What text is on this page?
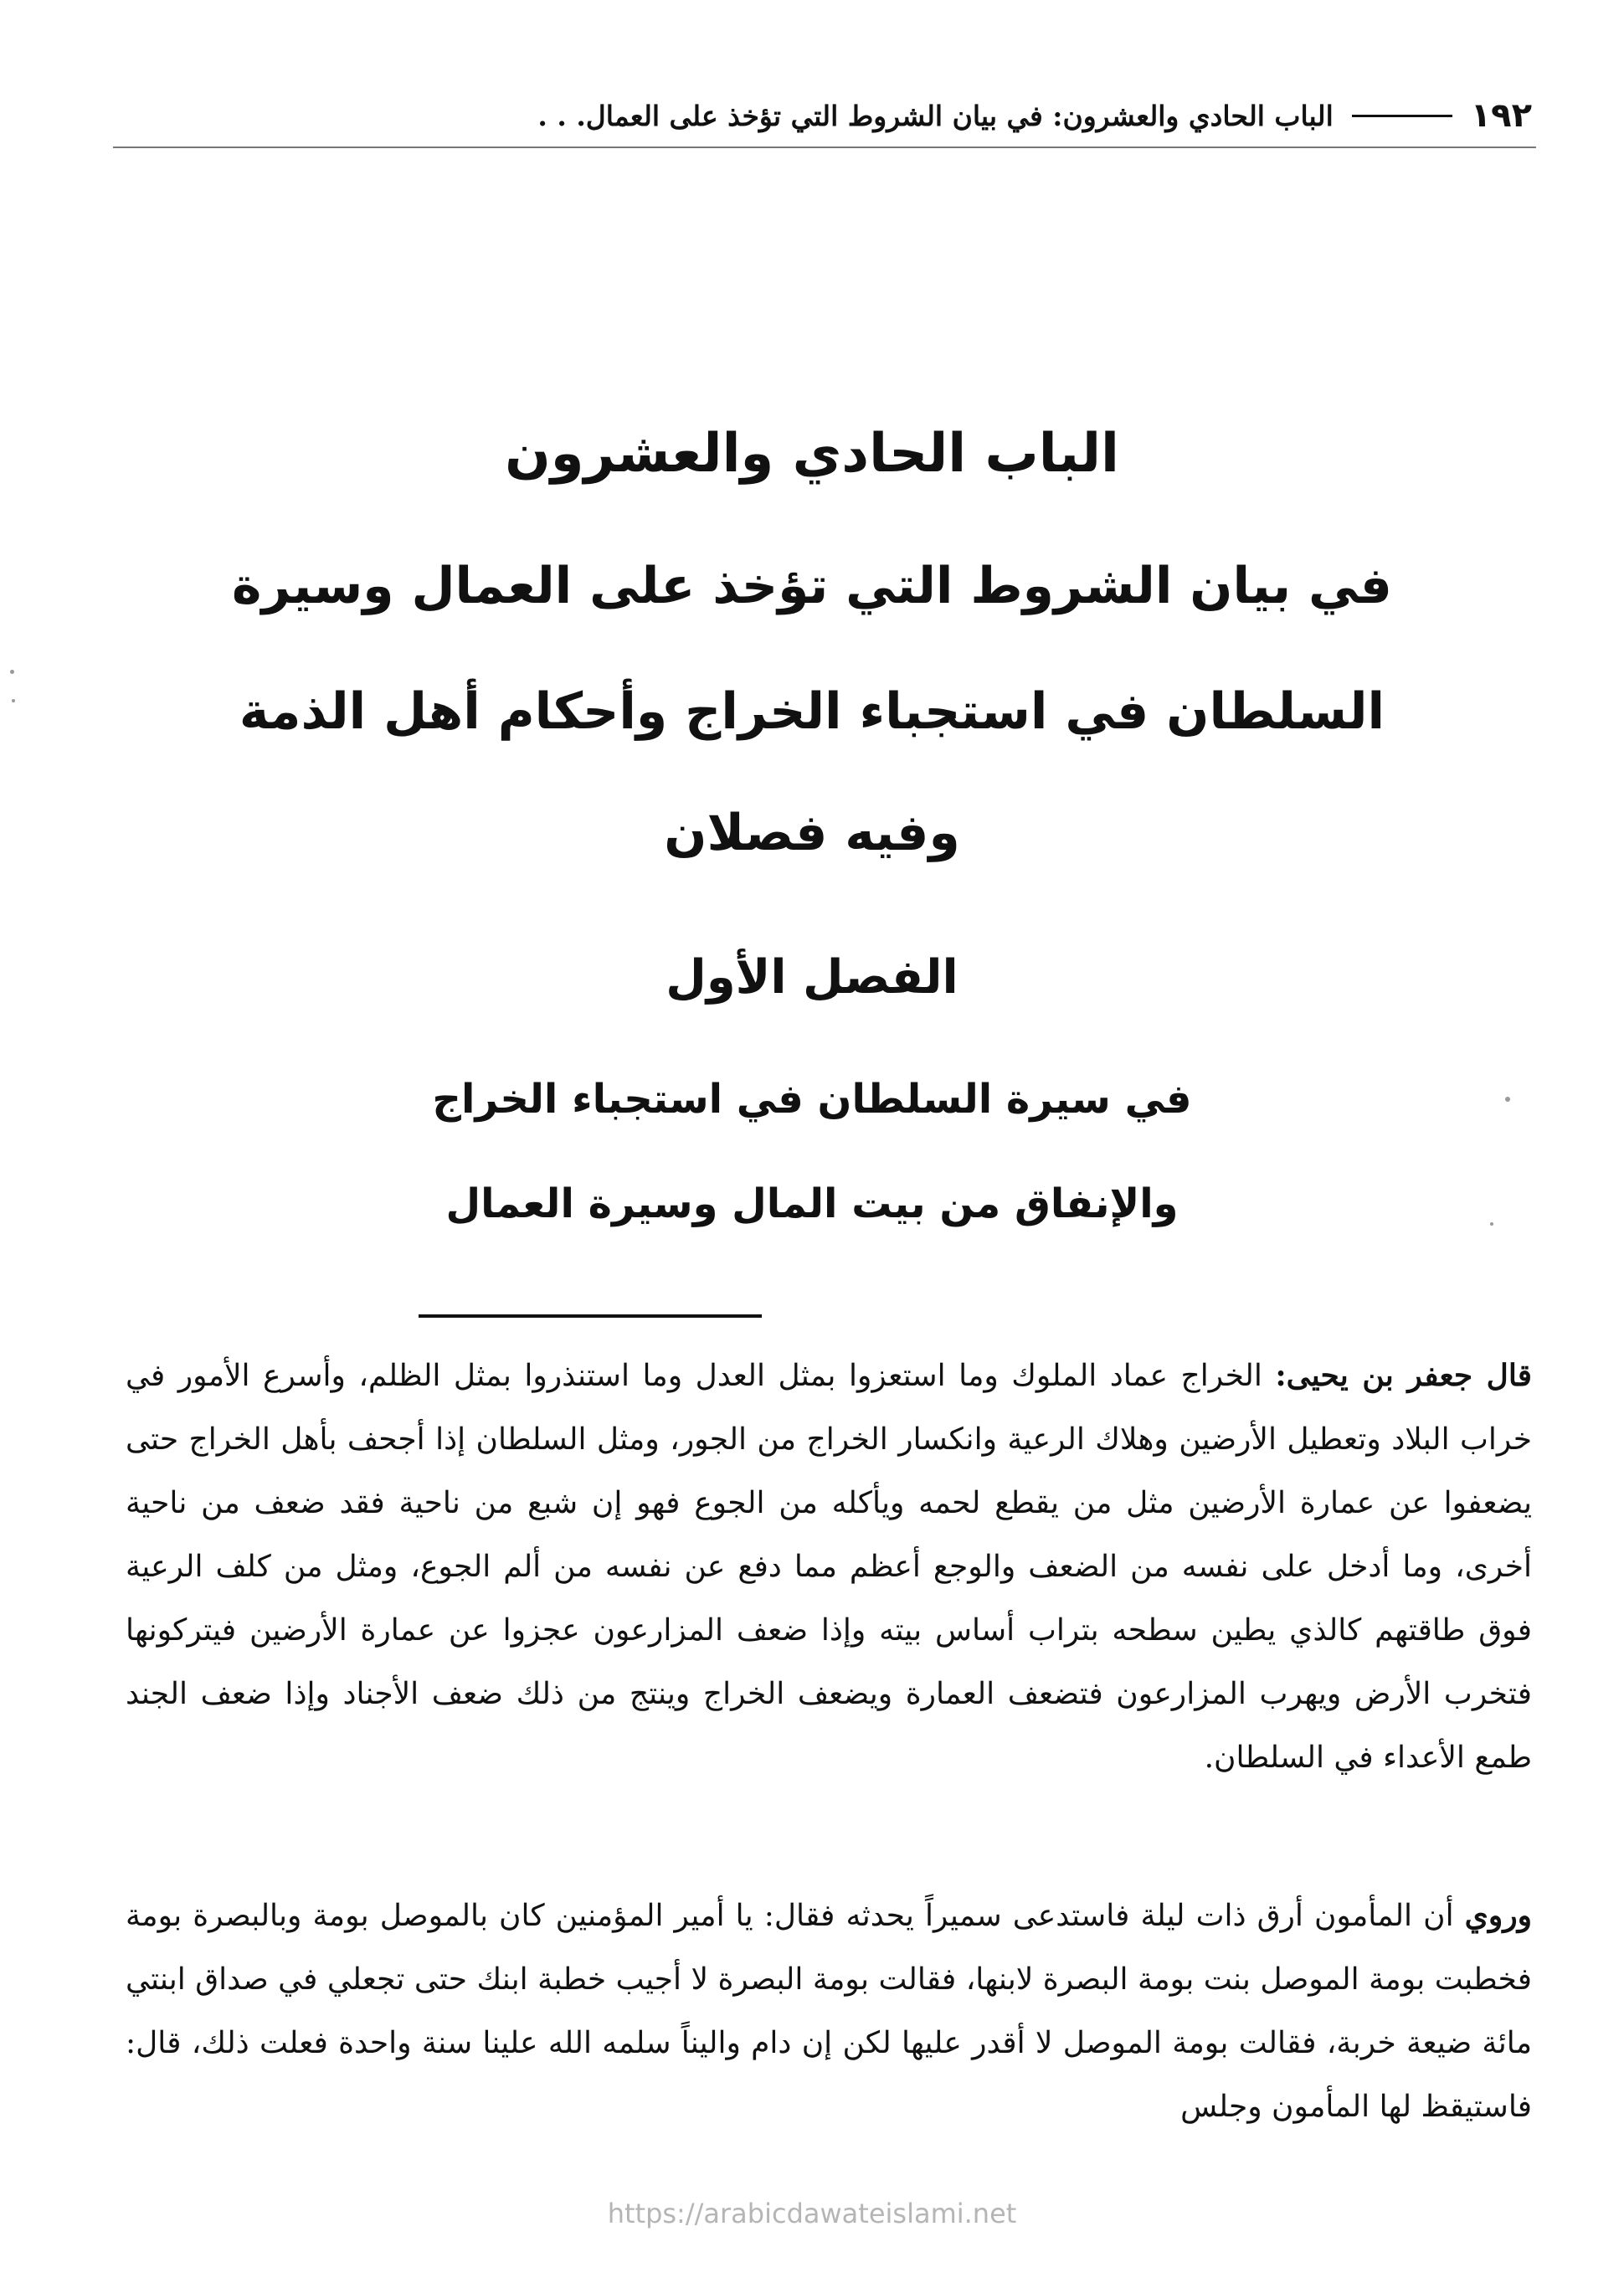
١٩٢
الباب الحادي والعشرون: في بيان الشروط التي تؤخذ على العمال. . .
الباب الحادي والعشرون
في بيان الشروط التي تؤخذ على العمال وسيرة
السلطان في استجباء الخراج وأحكام أهل الذمة
وفيه فصلان
الفصل الأول
في سيرة السلطان في استجباء الخراج
والإنفاق من بيت المال وسيرة العمال

قال جعفر بن يحيى: الخراج عماد الملوك وما استعزوا بمثل العدل وما استنذروا بمثل الظلم، وأسرع الأمور في خراب البلاد وتعطيل الأرضين وهلاك الرعية وانكسار الخراج من الجور، ومثل السلطان إذا أجحف بأهل الخراج حتى يضعفوا عن عمارة الأرضين مثل من يقطع لحمه ويأكله من الجوع فهو إن شبع من ناحية فقد ضعف من ناحية أخرى، وما أدخل على نفسه من الضعف والوجع أعظم مما دفع عن نفسه من ألم الجوع، ومثل من كلف الرعية فوق طاقتهم كالذي يطين سطحه بتراب أساس بيته وإذا ضعف المزارعون عجزوا عن عمارة الأرضين فيتركونها فتخرب الأرض ويهرب المزارعون فتضعف العمارة ويضعف الخراج وينتج من ذلك ضعف الأجناد وإذا ضعف الجند طمع الأعداء في السلطان.

وروي أن المأمون أرق ذات ليلة فاستدعى سميراً يحدثه فقال: يا أمير المؤمنين كان بالموصل بومة وبالبصرة بومة فخطبت بومة الموصل بنت بومة البصرة لابنها، فقالت بومة البصرة لا أجيب خطبة ابنك حتى تجعلي في صداق ابنتي مائة ضيعة خربة، فقالت بومة الموصل لا أقدر عليها لكن إن دام واليناً سلمه الله علينا سنة واحدة فعلت ذلك، قال: فاستيقظ لها المأمون وجلس

https://arabicdawateislami.net
